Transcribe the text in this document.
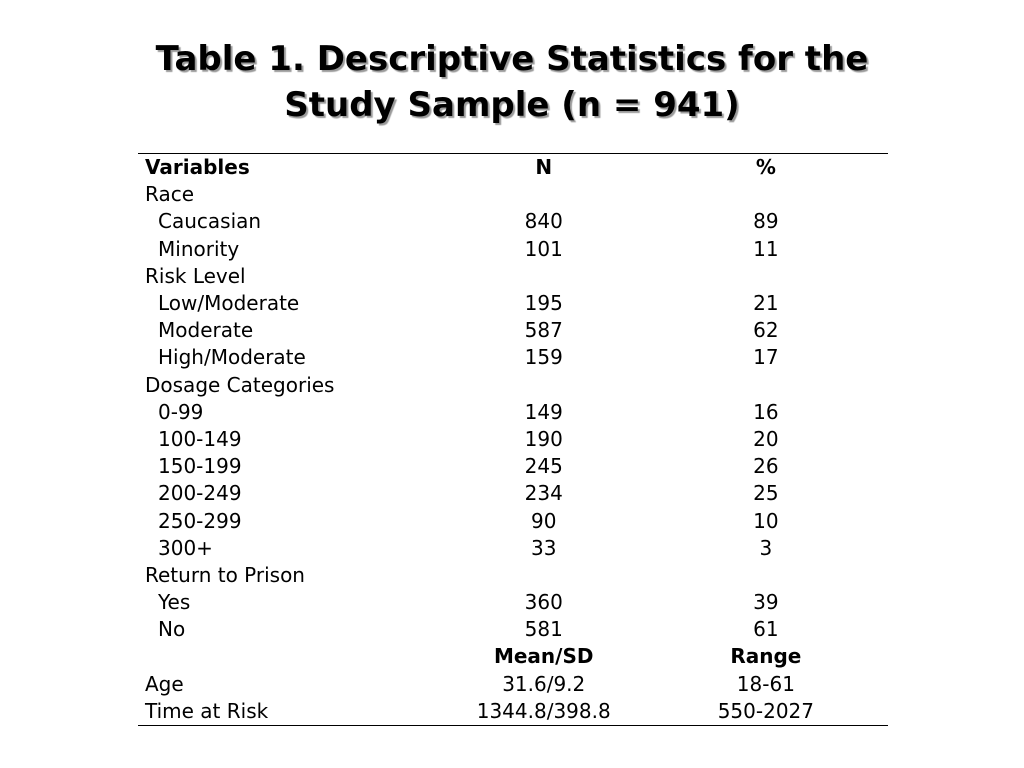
Table 1. Descriptive Statistics for the
Study Sample (n = 941)
Variables	N	%
Race		
Caucasian	840	89
Minority	101	11
Risk Level		
Low/Moderate	195	21
Moderate	587	62
High/Moderate	159	17
Dosage Categories		
0-99	149	16
100-149	190	20
150-199	245	26
200-249	234	25
250-299	90	10
300+	33	3
Return to Prison		
Yes	360	39
No	581	61
	Mean/SD	Range
Age	31.6/9.2	18-61
Time at Risk	1344.8/398.8	550-2027
